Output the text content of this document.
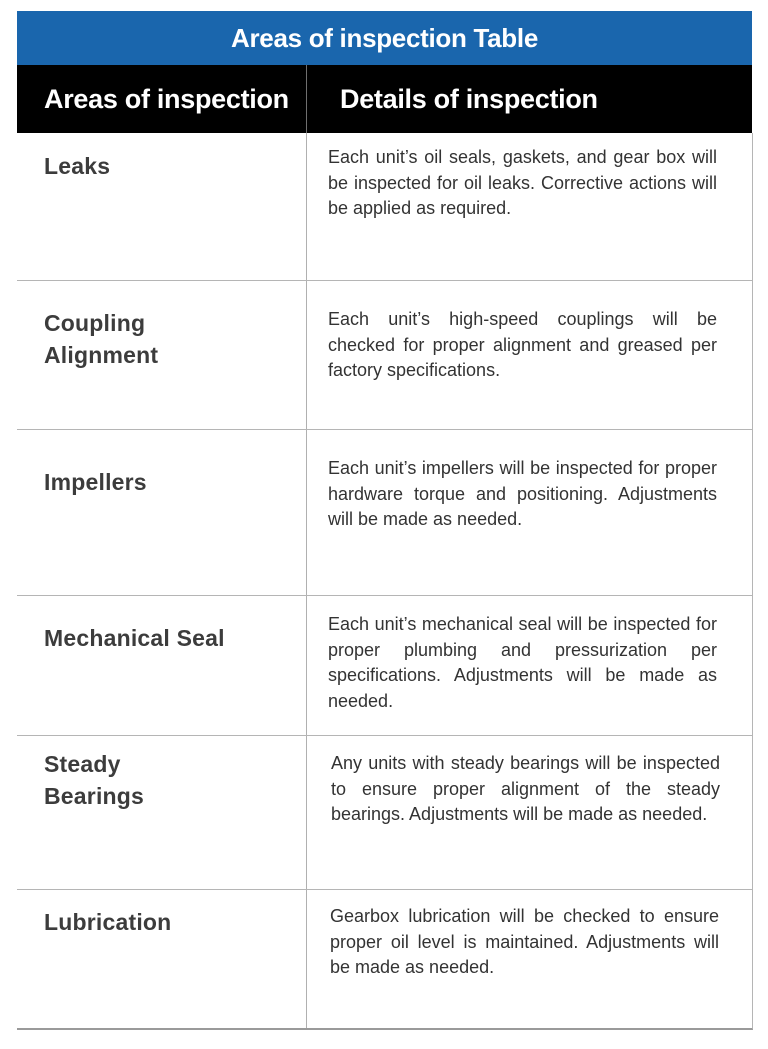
Areas of inspection Table
Areas of inspection Details of inspection
Leaks	Each unit’s oil seals, gaskets, and gear box will be inspected for oil leaks. Corrective actions will be applied as required.
Coupling Alignment
Each unit’s high-speed couplings will be checked for proper alignment and greased per factory specifications.
Impellers
Each unit’s impellers will be inspected for proper hardware torque and positioning. Adjustments will be made as needed.
Mechanical Seal
Each unit’s mechanical seal will be inspected for proper plumbing and pressurization per specifications. Adjustments will be made as needed.
Steady Bearings
Any units with steady bearings will be inspected to ensure proper alignment of the steady bearings. Adjustments will be made as needed.
Lubrication	Gearbox lubrication will be checked to ensure proper oil level is maintained. Adjustments will be made as needed.
